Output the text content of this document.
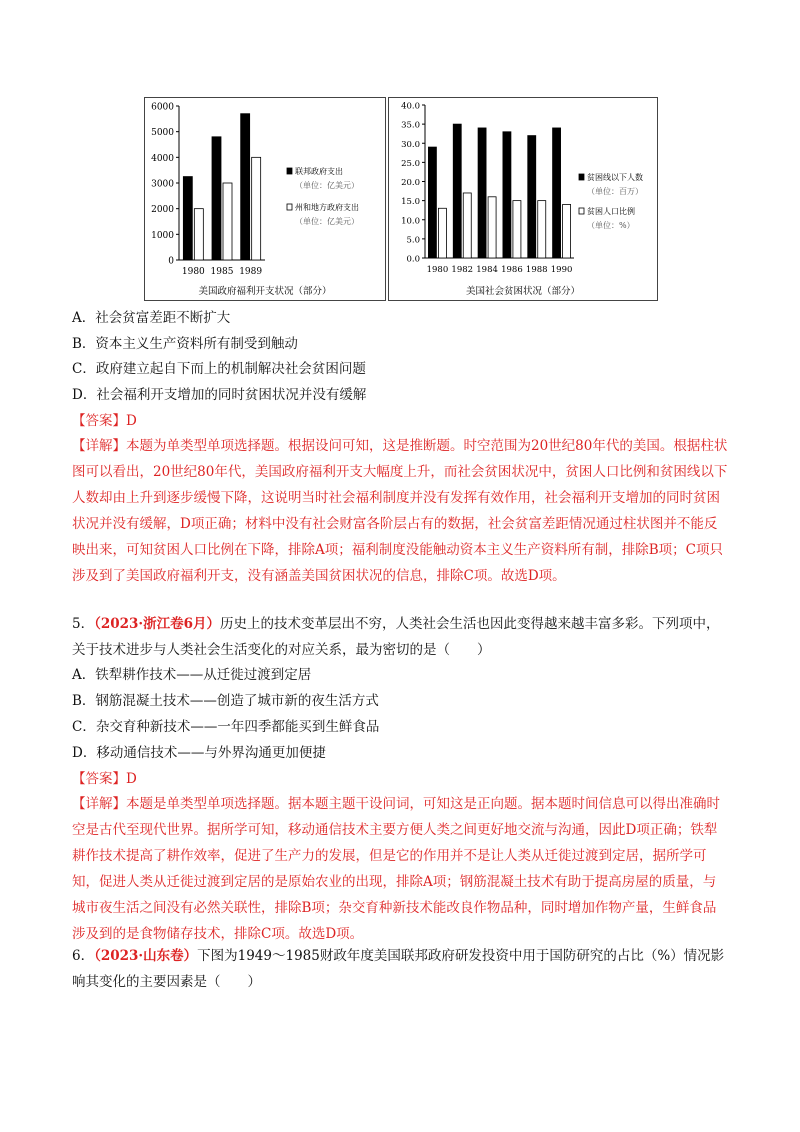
0
1000
2000
3000
4000
5000
6000
1980 1985 1989
联邦政府支出
（单位：亿美元）
州和地方政府支出
（单位：亿美元）
美国政府福利开支状况（部分）
0.0
5.0
10.0
15.0
20.0
25.0
30.0
35.0
40.0
1980 1982 1984 1986 1988 1990
贫困线以下人数
（单位：百万）
贫困人口比例
（单位：%）
美国社会贫困状况（部分）
A．社会贫富差距不断扩大
B．资本主义生产资料所有制受到触动
C．政府建立起自下而上的机制解决社会贫困问题
D．社会福利开支增加的同时贫困状况并没有缓解
【答案】D
【详解】本题为单类型单项选择题。根据设问可知，这是推断题。时空范围为20世纪80年代的美国。根据柱状图可以看出，20世纪80年代，美国政府福利开支大幅度上升，而社会贫困状况中，贫困人口比例和贫困线以下人数却由上升到逐步缓慢下降，这说明当时社会福利制度并没有发挥有效作用，社会福利开支增加的同时贫困状况并没有缓解，D项正确；材料中没有社会财富各阶层占有的数据，社会贫富差距情况通过柱状图并不能反映出来，可知贫困人口比例在下降，排除A项；福利制度没能触动资本主义生产资料所有制，排除B项；C项只涉及到了美国政府福利开支，没有涵盖美国贫困状况的信息，排除C项。故选D项。
5．（2023·浙江卷6月）历史上的技术变革层出不穷，人类社会生活也因此变得越来越丰富多彩。下列项中，关于技术进步与人类社会生活变化的对应关系，最为密切的是（　　）
A．铁犁耕作技术——从迁徙过渡到定居
B．钢筋混凝土技术——创造了城市新的夜生活方式
C．杂交育种新技术——一年四季都能买到生鲜食品
D．移动通信技术——与外界沟通更加便捷
【答案】D
【详解】本题是单类型单项选择题。据本题主题干设问词，可知这是正向题。据本题时间信息可以得出准确时空是古代至现代世界。据所学可知，移动通信技术主要方便人类之间更好地交流与沟通，因此D项正确；铁犁耕作技术提高了耕作效率，促进了生产力的发展，但是它的作用并不是让人类从迁徙过渡到定居，据所学可知，促进人类从迁徙过渡到定居的是原始农业的出现，排除A项；钢筋混凝土技术有助于提高房屋的质量，与城市夜生活之间没有必然关联性，排除B项；杂交育种新技术能改良作物品种，同时增加作物产量，生鲜食品涉及到的是食物储存技术，排除C项。故选D项。
6．（2023·山东卷）下图为1949～1985财政年度美国联邦政府研发投资中用于国防研究的占比（%）情况影响其变化的主要因素是（　　）
